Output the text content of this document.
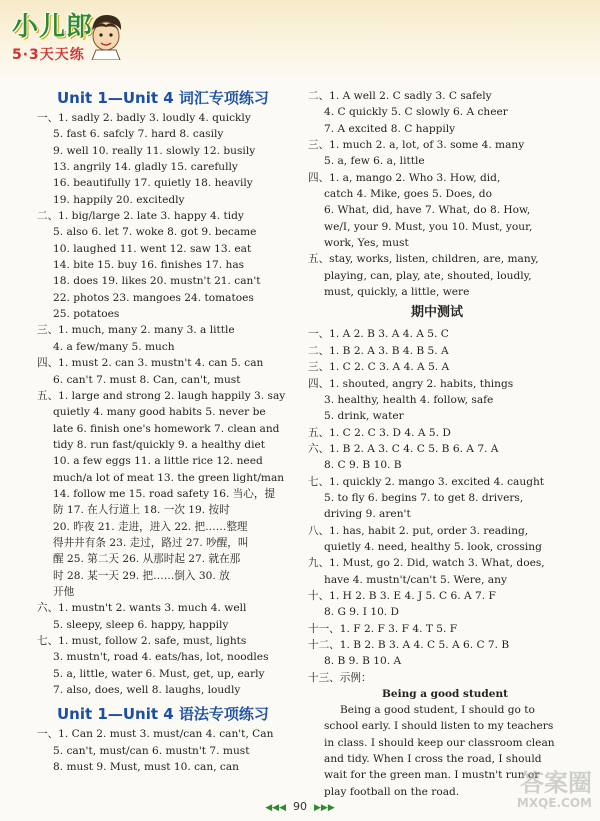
小儿郎
5·3天天练
Unit 1—Unit 4 词汇专项练习
一、1. sadly 2. badly 3. loudly 4. quickly
5. fast 6. safcly 7. hard 8. casily
9. well 10. really 11. slowly 12. busily
13. angrily 14. gladly 15. carefully
16. beautifully 17. quietly 18. heavily
19. happily 20. excitedly
二、1. big/large 2. late 3. happy 4. tidy
5. also 6. let 7. woke 8. got 9. became
10. laughed 11. went 12. saw 13. eat
14. bite 15. buy 16. finishes 17. has
18. does 19. likes 20. mustn't 21. can't
22. photos 23. mangoes 24. tomatoes
25. potatoes
三、1. much, many 2. many 3. a little
4. a few/many 5. much
四、1. must 2. can 3. mustn't 4. can 5. can
6. can't 7. must 8. Can, can't, must
五、1. large and strong 2. laugh happily 3. say
quietly 4. many good habits 5. never be
late 6. finish one's homework 7. clean and
tidy 8. run fast/quickly 9. a healthy diet
10. a few eggs 11. a little rice 12. need
much/a lot of meat 13. the green light/man
14. follow me 15. road safety 16. 当心，提
防 17. 在人行道上 18. 一次 19. 按时
20. 昨夜 21. 走进，进入 22. 把……整理
得井井有条 23. 走过，路过 27. 吵醒，叫
醒 25. 第二天 26. 从那时起 27. 就在那
时 28. 某一天 29. 把……倒入 30. 放
开他
六、1. mustn't 2. wants 3. much 4. well
5. sleepy, sleep 6. happy, happily
七、1. must, follow 2. safe, must, lights
3. mustn't, road 4. eats/has, lot, noodles
5. a, little, water 6. Must, get, up, early
7. also, does, well 8. laughs, loudly
Unit 1—Unit 4 语法专项练习
一、1. Can 2. must 3. must/can 4. can't, Can
5. can't, must/can 6. mustn't 7. must
8. must 9. Must, must 10. can, can
二、1. A well 2. C sadly 3. C safely
4. C quickly 5. C slowly 6. A cheer
7. A excited 8. C happily
三、1. much 2. a, lot, of 3. some 4. many
5. a, few 6. a, little
四、1. a, mango 2. Who 3. How, did,
catch 4. Mike, goes 5. Does, do
6. What, did, have 7. What, do 8. How,
we/I, your 9. Must, you 10. Must, your,
work, Yes, must
五、stay, works, listen, children, are, many,
playing, can, play, ate, shouted, loudly,
must, quickly, a little, were
期中测试
一、1. A 2. B 3. A 4. A 5. C
二、1. B 2. A 3. B 4. B 5. A
三、1. C 2. C 3. A 4. A 5. A
四、1. shouted, angry 2. habits, things
3. healthy, health 4. follow, safe
5. drink, water
五、1. C 2. C 3. D 4. A 5. D
六、1. B 2. A 3. C 4. C 5. B 6. A 7. A
8. C 9. B 10. B
七、1. quickly 2. mango 3. excited 4. caught
5. to fly 6. begins 7. to get 8. drivers,
driving 9. aren't
八、1. has, habit 2. put, order 3. reading,
quietly 4. need, healthy 5. look, crossing
九、1. Must, go 2. Did, watch 3. What, does,
have 4. mustn't/can't 5. Were, any
十、1. H 2. B 3. E 4. J 5. C 6. A 7. F
8. G 9. I 10. D
十一、1. F 2. F 3. F 4. T 5. F
十二、1. B 2. B 3. A 4. C 5. A 6. C 7. B
8. B 9. B 10. A
十三、示例：
Being a good student
Being a good student, I should go to
school early. I should listen to my teachers
in class. I should keep our classroom clean
and tidy. When I cross the road, I should
wait for the green man. I mustn't run or
play football on the road.
◀◀◀ 90 ▶▶▶
答案圈
MXQE.COM
